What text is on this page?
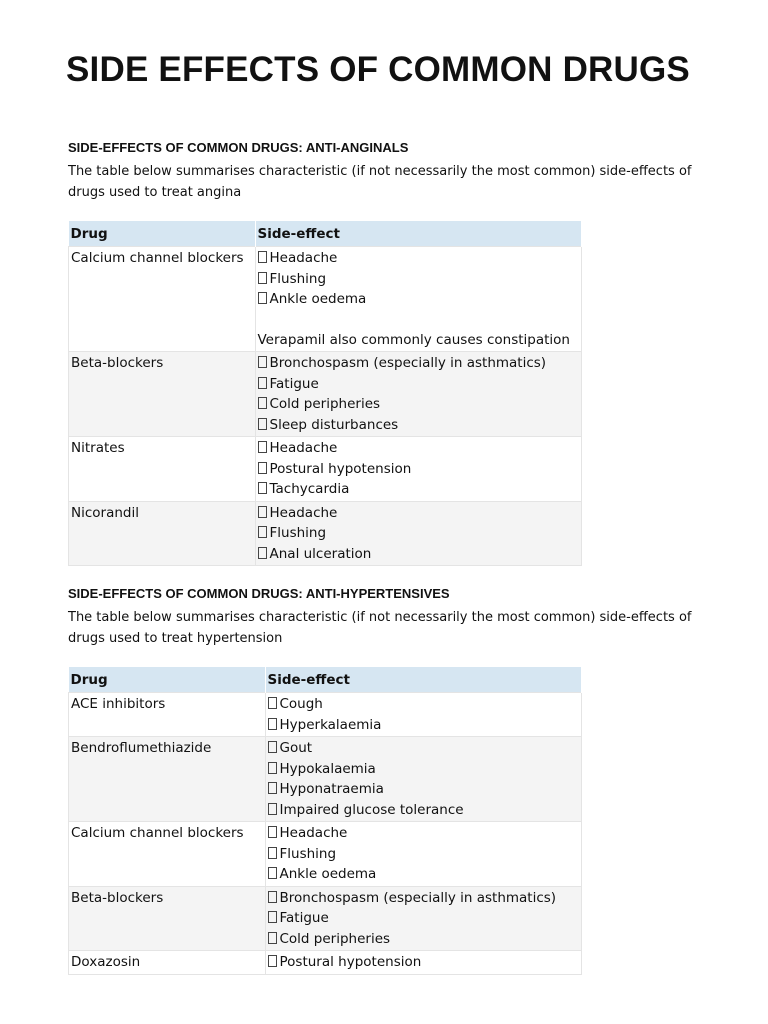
SIDE EFFECTS OF COMMON DRUGS
SIDE-EFFECTS OF COMMON DRUGS: ANTI-ANGINALS

The table below summarises characteristic (if not necessarily the most common) side-effects of drugs used to treat angina

Drug	Side-effect
Calcium channel blockers	Headache
Flushing
Ankle oedema
Verapamil also commonly causes constipation

Beta-blockers	Bronchospasm (especially in asthmatics)
Fatigue
Cold peripheries
Sleep disturbances

Nitrates	Headache
Postural hypotension
Tachycardia

Nicorandil	Headache
Flushing
Anal ulceration
SIDE-EFFECTS OF COMMON DRUGS: ANTI-HYPERTENSIVES

The table below summarises characteristic (if not necessarily the most common) side-effects of drugs used to treat hypertension

Drug	Side-effect
ACE inhibitors	Cough
Hyperkalaemia

Bendroflumethiazide	Gout
Hypokalaemia
Hyponatraemia
Impaired glucose tolerance

Calcium channel blockers	Headache
Flushing
Ankle oedema

Beta-blockers	Bronchospasm (especially in asthmatics)
Fatigue
Cold peripheries

Doxazosin	Postural hypotension
